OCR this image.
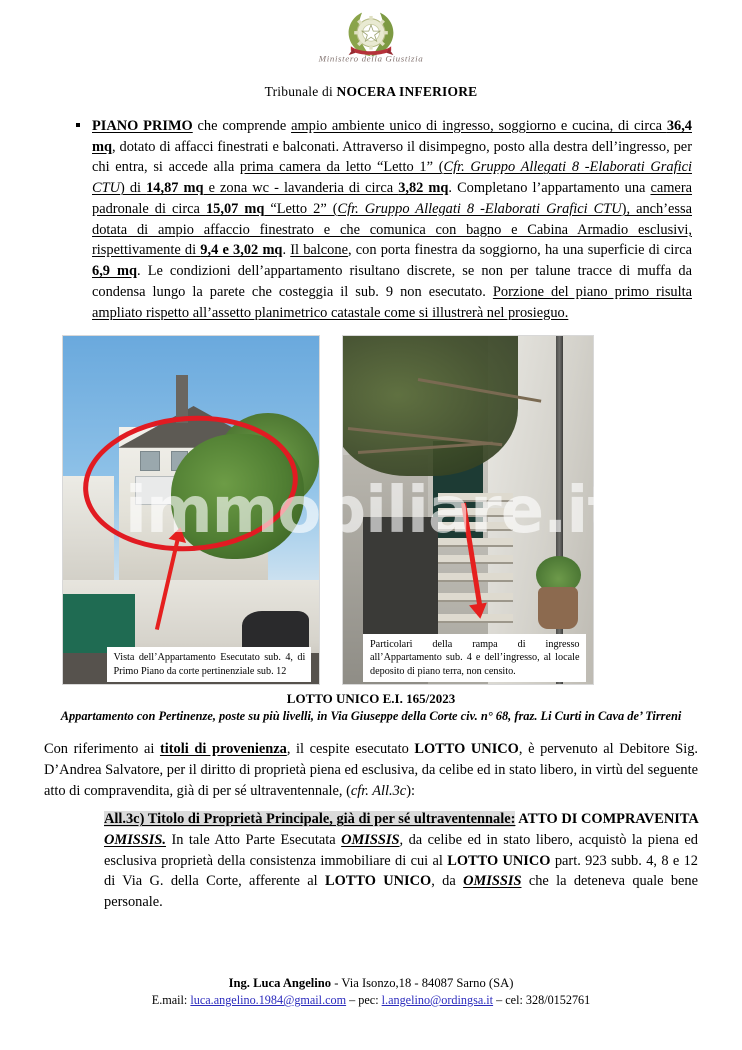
Ministero della Giustizia
Tribunale di NOCERA INFERIORE

PIANO PRIMO che comprende ampio ambiente unico di ingresso, soggiorno e cucina, di circa 36,4 mq, dotato di affacci finestrati e balconati. Attraverso il disimpegno, posto alla destra dell’ingresso, per chi entra, si accede alla prima camera da letto “Letto 1” (Cfr. Gruppo Allegati 8 -Elaborati Grafici CTU) di 14,87 mq e zona wc - lavanderia di circa 3,82 mq. Completano l’appartamento una camera padronale di circa 15,07 mq “Letto 2” (Cfr. Gruppo Allegati 8 -Elaborati Grafici CTU), anch’essa dotata di ampio affaccio finestrato e che comunica con bagno e Cabina Armadio esclusivi, rispettivamente di 9,4 e 3,02 mq. Il balcone, con porta finestra da soggiorno, ha una superficie di circa 6,9 mq. Le condizioni dell’appartamento risultano discrete, se non per talune tracce di muffa da condensa lungo la parete che costeggia il sub. 9 non esecutato. Porzione del piano primo risulta ampliato rispetto all’assetto planimetrico catastale come si illustrerà nel prosieguo.

Vista dell’Appartamento Esecutato sub. 4, di Primo Piano da corte pertinenziale sub. 12
Particolari della rampa di ingresso all’Appartamento sub. 4 e dell’ingresso, al locale deposito di piano terra, non censito.
immobiliare.it
LOTTO UNICO E.I. 165/2023
Appartamento con Pertinenze, poste su più livelli, in Via Giuseppe della Corte civ. n° 68, fraz. Li Curti in Cava de’ Tirreni

Con riferimento ai titoli di provenienza, il cespite esecutato LOTTO UNICO, è pervenuto al Debitore Sig. D’Andrea Salvatore, per il diritto di proprietà piena ed esclusiva, da celibe ed in stato libero, in virtù del seguente atto di compravendita, già di per sé ultraventennale, (cfr. All.3c):

All.3c) Titolo di Proprietà Principale, già di per sé ultraventennale: ATTO DI COMPRAVENITA OMISSIS. In tale Atto Parte Esecutata OMISSIS, da celibe ed in stato libero, acquistò la piena ed esclusiva proprietà della consistenza immobiliare di cui al LOTTO UNICO part. 923 subb. 4, 8 e 12 di Via G. della Corte, afferente al LOTTO UNICO, da OMISSIS che la deteneva quale bene personale.

Ing. Luca Angelino - Via Isonzo,18 - 84087 Sarno (SA)
E.mail: luca.angelino.1984@gmail.com – pec: l.angelino@ordingsa.it – cel: 328/0152761
